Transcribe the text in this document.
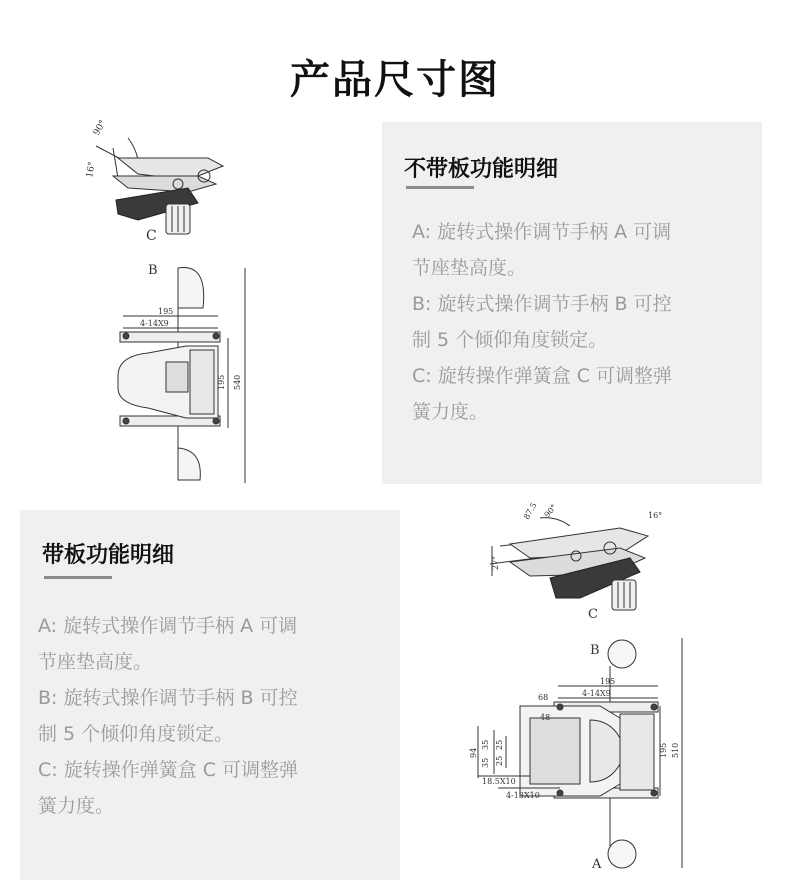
产品尺寸图
90°
16°
C
B
195
4-14X9
195 540
不带板功能明细
A: 旋转式操作调节手柄 A 可调
节座垫高度。
B: 旋转式操作调节手柄 B 可控
制 5 个倾仰角度锁定。
C: 旋转操作弹簧盒 C 可调整弹
簧力度。
带板功能明细
A: 旋转式操作调节手柄 A 可调
节座垫高度。
B: 旋转式操作调节手柄 B 可控
制 5 个倾仰角度锁定。
C: 旋转操作弹簧盒 C 可调整弹
簧力度。
87.5 90°	16°
27°
C
B
A
195
4-14X9
68
48
94
35
35
25
25
18.5X10
4-13X10
195 510
